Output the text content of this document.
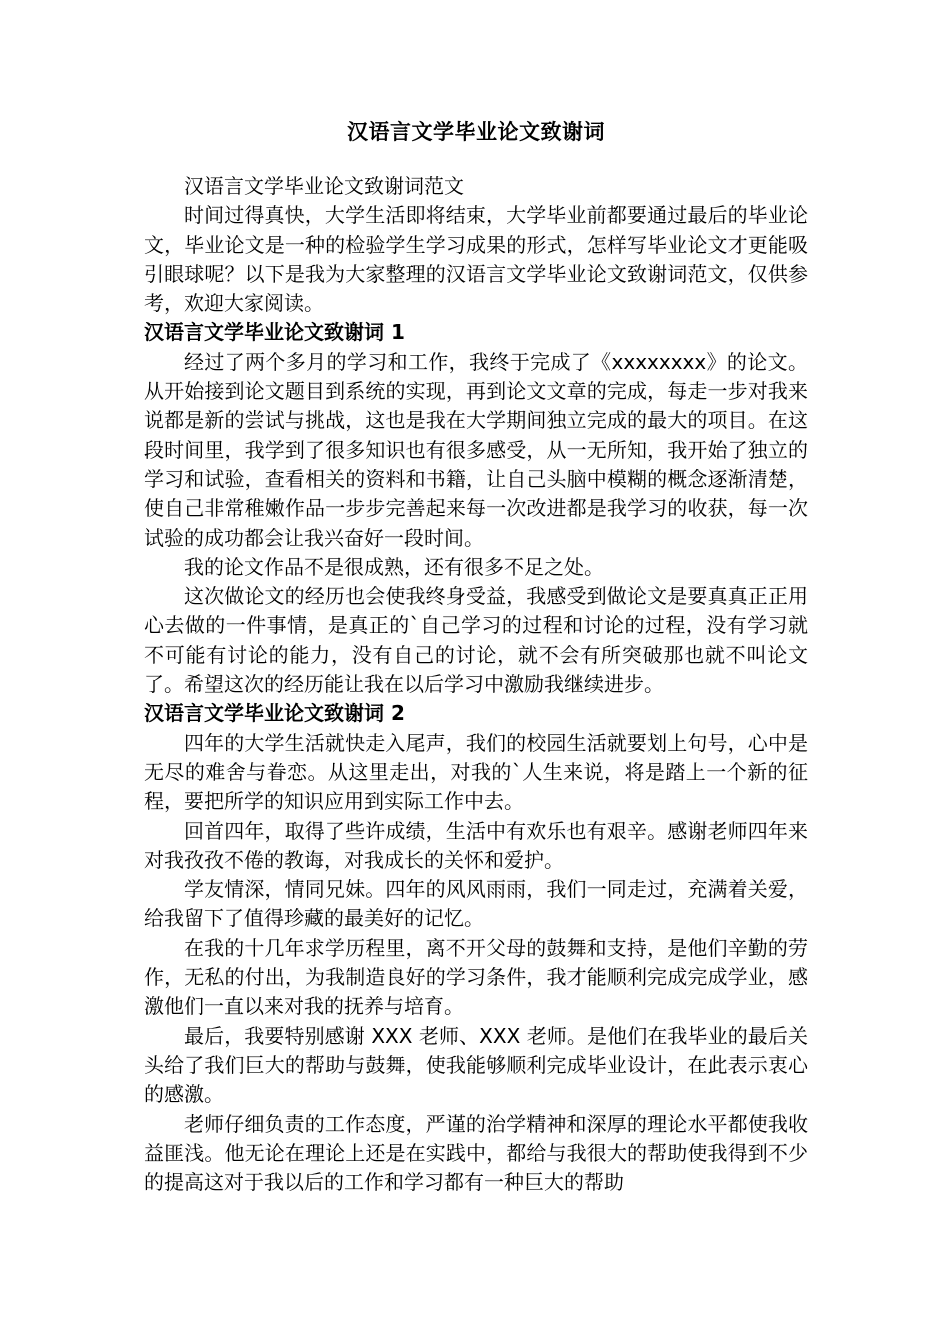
汉语言文学毕业论文致谢词

汉语言文学毕业论文致谢词范文

时间过得真快，大学生活即将结束，大学毕业前都要通过最后的毕业论文，毕业论文是一种的检验学生学习成果的形式，怎样写毕业论文才更能吸引眼球呢？以下是我为大家整理的汉语言文学毕业论文致谢词范文，仅供参考，欢迎大家阅读。

汉语言文学毕业论文致谢词 1

经过了两个多月的学习和工作，我终于完成了《xxxxxxxx》的论文。从开始接到论文题目到系统的实现，再到论文文章的完成，每走一步对我来说都是新的尝试与挑战，这也是我在大学期间独立完成的最大的项目。在这段时间里，我学到了很多知识也有很多感受，从一无所知，我开始了独立的学习和试验，查看相关的资料和书籍，让自己头脑中模糊的概念逐渐清楚，使自己非常稚嫩作品一步步完善起来每一次改进都是我学习的收获，每一次试验的成功都会让我兴奋好一段时间。

我的论文作品不是很成熟，还有很多不足之处。

这次做论文的经历也会使我终身受益，我感受到做论文是要真真正正用心去做的一件事情，是真正的`自己学习的过程和讨论的过程，没有学习就不可能有讨论的能力，没有自己的讨论，就不会有所突破那也就不叫论文了。希望这次的经历能让我在以后学习中激励我继续进步。

汉语言文学毕业论文致谢词 2

四年的大学生活就快走入尾声，我们的校园生活就要划上句号，心中是无尽的难舍与眷恋。从这里走出，对我的`人生来说，将是踏上一个新的征程，要把所学的知识应用到实际工作中去。

回首四年，取得了些许成绩，生活中有欢乐也有艰辛。感谢老师四年来对我孜孜不倦的教诲，对我成长的关怀和爱护。

学友情深，情同兄妹。四年的风风雨雨，我们一同走过，充满着关爱，给我留下了值得珍藏的最美好的记忆。

在我的十几年求学历程里，离不开父母的鼓舞和支持，是他们辛勤的劳作，无私的付出，为我制造良好的学习条件，我才能顺利完成完成学业，感激他们一直以来对我的抚养与培育。

最后，我要特别感谢 XXX 老师、XXX 老师。是他们在我毕业的最后关头给了我们巨大的帮助与鼓舞，使我能够顺利完成毕业设计，在此表示衷心的感激。

老师仔细负责的工作态度，严谨的治学精神和深厚的理论水平都使我收益匪浅。他无论在理论上还是在实践中，都给与我很大的帮助使我得到不少的提高这对于我以后的工作和学习都有一种巨大的帮助
